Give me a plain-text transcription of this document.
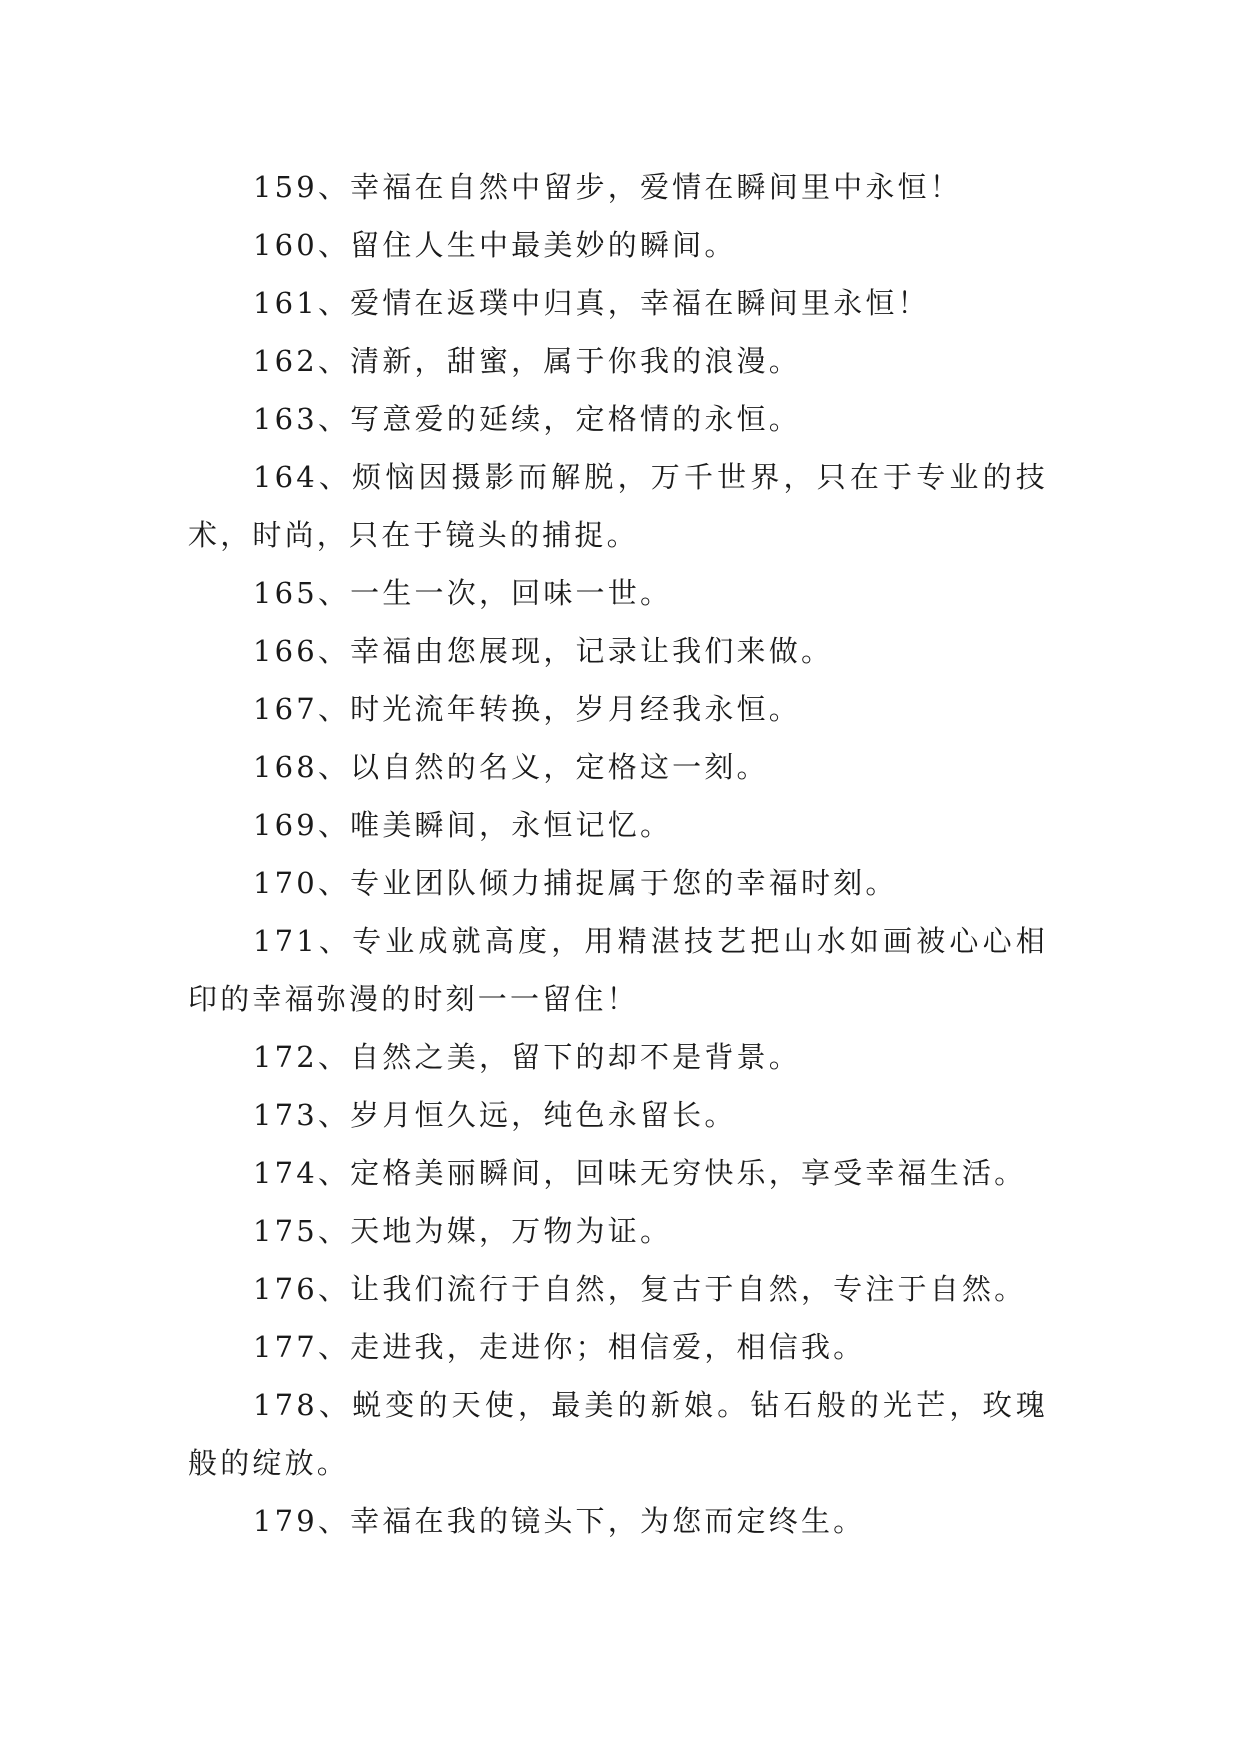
159、幸福在自然中留步，爱情在瞬间里中永恒！

160、留住人生中最美妙的瞬间。

161、爱情在返璞中归真，幸福在瞬间里永恒！

162、清新，甜蜜，属于你我的浪漫。

163、写意爱的延续，定格情的永恒。

164、烦恼因摄影而解脱，万千世界，只在于专业的技术，时尚，只在于镜头的捕捉。

165、一生一次，回味一世。

166、幸福由您展现，记录让我们来做。

167、时光流年转换，岁月经我永恒。

168、以自然的名义，定格这一刻。

169、唯美瞬间，永恒记忆。

170、专业团队倾力捕捉属于您的幸福时刻。

171、专业成就高度，用精湛技艺把山水如画被心心相印的幸福弥漫的时刻一一留住！

172、自然之美，留下的却不是背景。

173、岁月恒久远，纯色永留长。

174、定格美丽瞬间，回味无穷快乐，享受幸福生活。

175、天地为媒，万物为证。

176、让我们流行于自然，复古于自然，专注于自然。

177、走进我，走进你；相信爱，相信我。

178、蜕变的天使，最美的新娘。钻石般的光芒，玫瑰般的绽放。

179、幸福在我的镜头下，为您而定终生。
